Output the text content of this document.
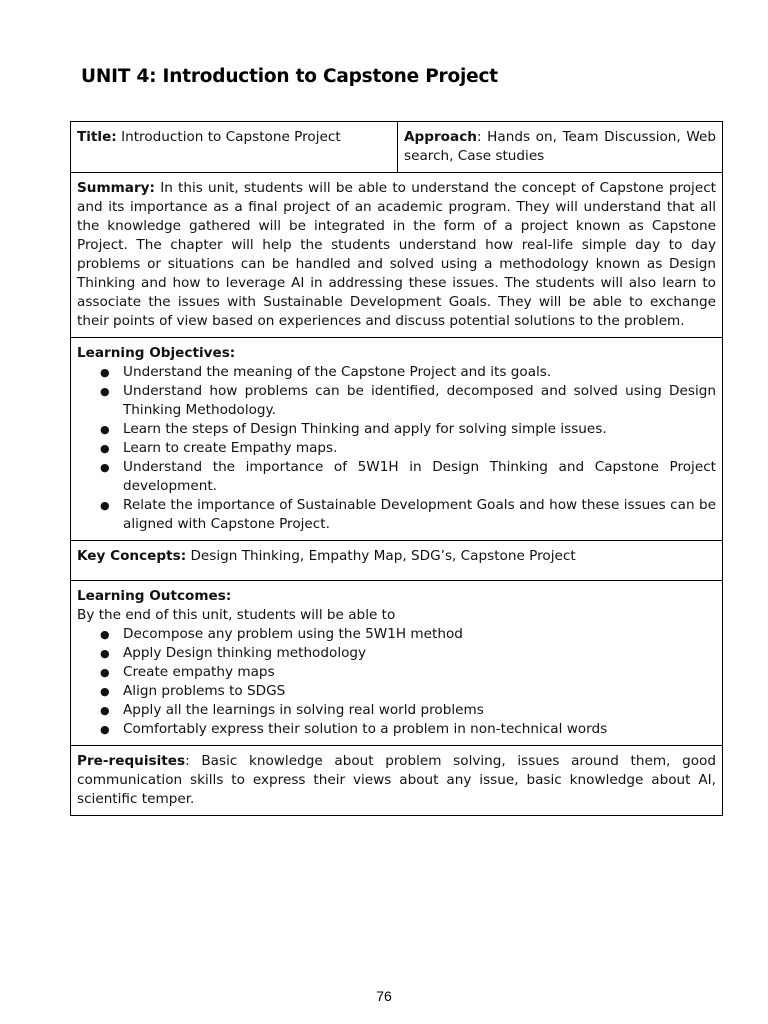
UNIT 4: Introduction to Capstone Project
Title: Introduction to Capstone Project	Approach: Hands on, Team Discussion, Web search, Case studies
Summary: In this unit, students will be able to understand the concept of Capstone project and its importance as a final project of an academic program. They will understand that all the knowledge gathered will be integrated in the form of a project known as Capstone Project. The chapter will help the students understand how real-life simple day to day problems or situations can be handled and solved using a methodology known as Design Thinking and how to leverage AI in addressing these issues. The students will also learn to associate the issues with Sustainable Development Goals. They will be able to exchange their points of view based on experiences and discuss potential solutions to the problem.

Learning Objectives:
● Understand the meaning of the Capstone Project and its goals.
● Understand how problems can be identified, decomposed and solved using Design Thinking Methodology.
● Learn the steps of Design Thinking and apply for solving simple issues.
● Learn to create Empathy maps.
● Understand the importance of 5W1H in Design Thinking and Capstone Project development.
● Relate the importance of Sustainable Development Goals and how these issues can be aligned with Capstone Project.

Key Concepts: Design Thinking, Empathy Map, SDG’s, Capstone Project

Learning Outcomes:
By the end of this unit, students will be able to
● Decompose any problem using the 5W1H method
● Apply Design thinking methodology
● Create empathy maps
● Align problems to SDGS
● Apply all the learnings in solving real world problems
● Comfortably express their solution to a problem in non-technical words

Pre-requisites: Basic knowledge about problem solving, issues around them, good communication skills to express their views about any issue, basic knowledge about AI, scientific temper.
76
